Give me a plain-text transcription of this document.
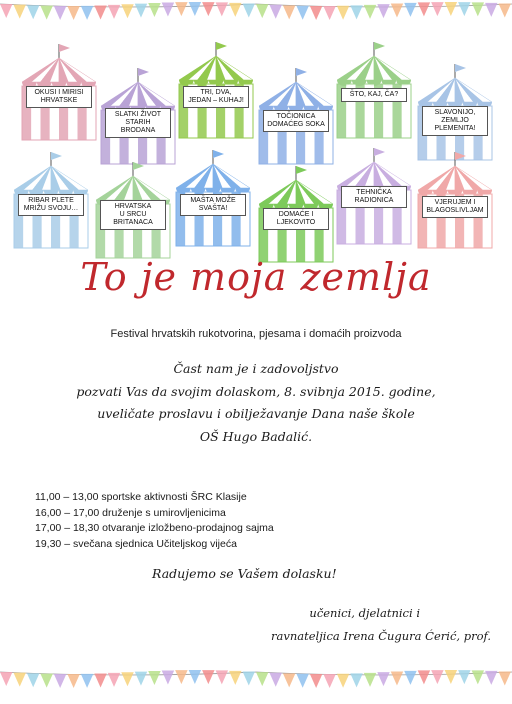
OKUSI I MIRISI
HRVATSKE
SLATKI ŽIVOT
STARIH
BRODANA
TRI, DVA,
JEDAN – KUHAJ!
TOČIONICA
DOMAĆEG SOKA
ŠTO, KAJ, ČA?
SLAVONIJO,
ZEMLJO
PLEMENITA!
RIBAR PLETE
MRIŽU SVOJU…	HRVATSKA
U SRCU
BRITANACA
MAŠTA MOŽE
SVAŠTA!
DOMAĆE I
LJEKOVITO
TEHNIČKA
RADIONICA	VJERUJEM I
BLAGOSLIVLJAM
To je moja zemlja
Festival hrvatskih rukotvorina, pjesama i domaćih proizvoda
Čast nam je i zadovoljstvo
pozvati Vas da svojim dolaskom, 8. svibnja 2015. godine,
uveličate proslavu i obilježavanje Dana naše škole
OŠ Hugo Badalić.
11,00 – 13,00 sportske aktivnosti ŠRC Klasije
16,00 – 17,00 druženje s umirovljenicima
17,00 – 18,30 otvaranje izložbeno-prodajnog sajma
19,30 – svečana sjednica Učiteljskog vijeća
Radujemo se Vašem dolasku!
učenici, djelatnici i
ravnateljica Irena Čugura Ćerić, prof.
